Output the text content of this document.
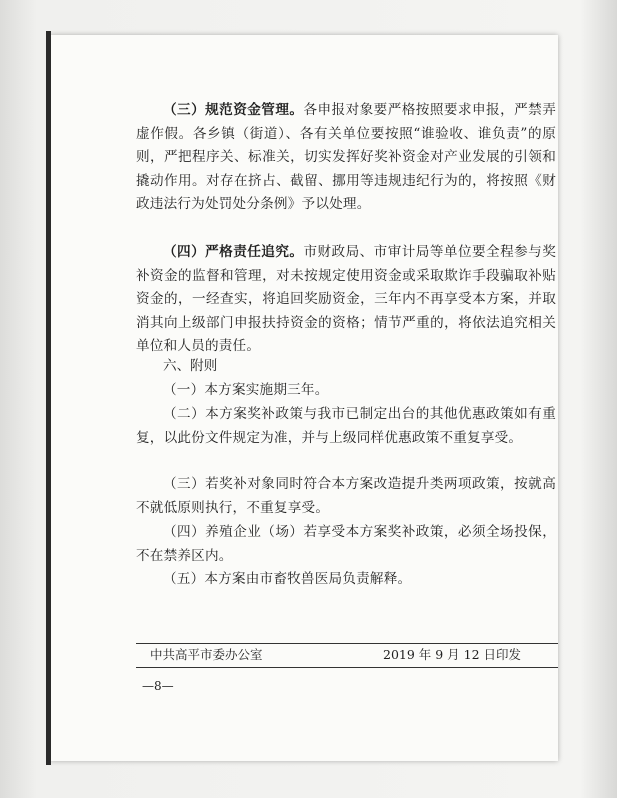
（三）规范资金管理。各申报对象要严格按照要求申报，严禁弄虚作假。各乡镇（街道）、各有关单位要按照“谁验收、谁负责”的原则，严把程序关、标准关，切实发挥好奖补资金对产业发展的引领和撬动作用。对存在挤占、截留、挪用等违规违纪行为的，将按照《财政违法行为处罚处分条例》予以处理。

（四）严格责任追究。市财政局、市审计局等单位要全程参与奖补资金的监督和管理，对未按规定使用资金或采取欺诈手段骗取补贴资金的，一经查实，将追回奖励资金，三年内不再享受本方案，并取消其向上级部门申报扶持资金的资格；情节严重的，将依法追究相关单位和人员的责任。

六、附则

（一）本方案实施期三年。

（二）本方案奖补政策与我市已制定出台的其他优惠政策如有重复，以此份文件规定为准，并与上级同样优惠政策不重复享受。

（三）若奖补对象同时符合本方案改造提升类两项政策，按就高不就低原则执行，不重复享受。

（四）养殖企业（场）若享受本方案奖补政策，必须全场投保，不在禁养区内。

（五）本方案由市畜牧兽医局负责解释。

中共高平市委办公室	2019 年 9 月 12 日印发
—8—
